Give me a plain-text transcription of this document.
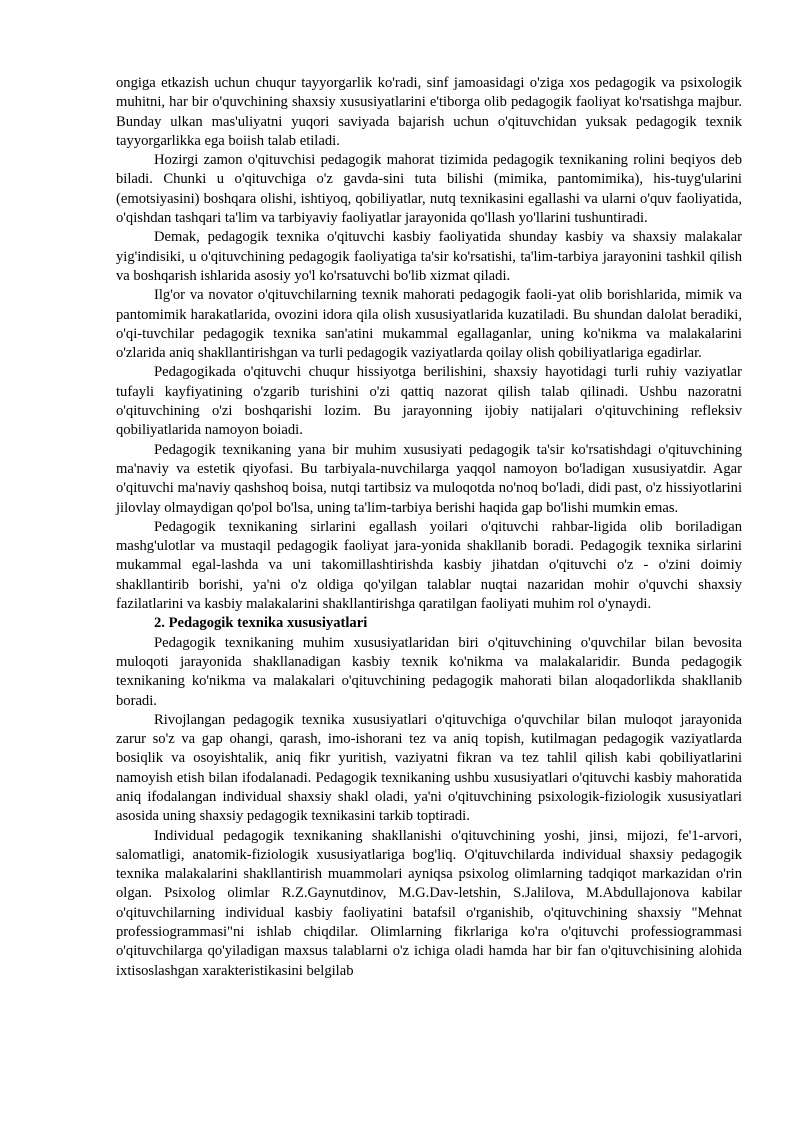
ongiga etkazish uchun chuqur tayyorgarlik ko'radi, sinf jamoasidagi o'ziga xos pedagogik va psixologik muhitni, har bir o'quvchining shaxsiy xususiyatlarini e'tiborga olib pedagogik faoliyat ko'rsatishga majbur. Bunday ulkan mas'uliyatni yuqori saviyada bajarish uchun o'qituvchidan yuksak pedagogik texnik tayyorgarlikka ega boiish talab etiladi.

Hozirgi zamon o'qituvchisi pedagogik mahorat tizimida pedagogik texnikaning rolini beqiyos deb biladi. Chunki u o'qituvchiga o'z gavda-sini tuta bilishi (mimika, pantomimika), his-tuyg'ularini (emotsiyasini) boshqara olishi, ishtiyoq, qobiliyatlar, nutq texnikasini egallashi va ularni o'quv faoliyatida, o'qishdan tashqari ta'lim va tarbiyaviy faoliyatlar jarayonida qo'llash yo'llarini tushuntiradi.

Demak, pedagogik texnika o'qituvchi kasbiy faoliyatida shunday kasbiy va shaxsiy malakalar yig'indisiki, u o'qituvchining pedagogik faoliyatiga ta'sir ko'rsatishi, ta'lim-tarbiya jarayonini tashkil qilish va boshqarish ishlarida asosiy yo'l ko'rsatuvchi bo'lib xizmat qiladi.

Ilg'or va novator o'qituvchilarning texnik mahorati pedagogik faoli-yat olib borishlarida, mimik va pantomimik harakatlarida, ovozini idora qila olish xususiyatlarida kuzatiladi. Bu shundan dalolat beradiki, o'qi-tuvchilar pedagogik texnika san'atini mukammal egallaganlar, uning ko'nikma va malakalarini o'zlarida aniq shakllantirishgan va turli pedagogik vaziyatlarda qoilay olish qobiliyatlariga egadirlar.

Pedagogikada o'qituvchi chuqur hissiyotga berilishini, shaxsiy hayotidagi turli ruhiy vaziyatlar tufayli kayfiyatining o'zgarib turishini o'zi qattiq nazorat qilish talab qilinadi. Ushbu nazoratni o'qituvchining o'zi boshqarishi lozim. Bu jarayonning ijobiy natijalari o'qituvchining refleksiv qobiliyatlarida namoyon boiadi.

Pedagogik texnikaning yana bir muhim xususiyati pedagogik ta'sir ko'rsatishdagi o'qituvchining ma'naviy va estetik qiyofasi. Bu tarbiyala-nuvchilarga yaqqol namoyon bo'ladigan xususiyatdir. Agar o'qituvchi ma'naviy qashshoq boisa, nutqi tartibsiz va muloqotda no'noq bo'ladi, didi past, o'z hissiyotlarini jilovlay olmaydigan qo'pol bo'lsa, uning ta'lim-tarbiya berishi haqida gap bo'lishi mumkin emas.

Pedagogik texnikaning sirlarini egallash yoilari o'qituvchi rahbar-ligida olib boriladigan mashg'ulotlar va mustaqil pedagogik faoliyat jara-yonida shakllanib boradi. Pedagogik texnika sirlarini mukammal egal-lashda va uni takomillashtirishda kasbiy jihatdan o'qituvchi o'z - o'zini doimiy shakllantirib borishi, ya'ni o'z oldiga qo'yilgan talablar nuqtai nazaridan mohir o'quvchi shaxsiy fazilatlarini va kasbiy malakalarini shakllantirishga qaratilgan faoliyati muhim rol o'ynaydi.

2. Pedagogik texnika xususiyatlari

Pedagogik texnikaning muhim xususiyatlaridan biri o'qituvchining o'quvchilar bilan bevosita muloqoti jarayonida shakllanadigan kasbiy texnik ko'nikma va malakalaridir. Bunda pedagogik texnikaning ko'nikma va malakalari o'qituvchining pedagogik mahorati bilan aloqadorlikda shakllanib boradi.

Rivojlangan pedagogik texnika xususiyatlari o'qituvchiga o'quvchilar bilan muloqot jarayonida zarur so'z va gap ohangi, qarash, imo-ishorani tez va aniq topish, kutilmagan pedagogik vaziyatlarda bosiqlik va osoyishtalik, aniq fikr yuritish, vaziyatni fikran va tez tahlil qilish kabi qobiliyatlarini namoyish etish bilan ifodalanadi. Pedagogik texnikaning ushbu xususiyatlari o'qituvchi kasbiy mahoratida aniq ifodalangan individual shaxsiy shakl oladi, ya'ni o'qituvchining psixologik-fiziologik xususiyatlari asosida uning shaxsiy pedagogik texnikasini tarkib toptiradi.

Individual pedagogik texnikaning shakllanishi o'qituvchining yoshi, jinsi, mijozi, fe'1-arvori, salomatligi, anatomik-fiziologik xususiyatlariga bog'liq. O'qituvchilarda individual shaxsiy pedagogik texnika malakalarini shakllantirish muammolari ayniqsa psixolog olimlarning tadqiqot markazidan o'rin olgan. Psixolog olimlar R.Z.Gaynutdinov, M.G.Dav-letshin, S.Jalilova, M.Abdullajonova kabilar o'qituvchilarning individual kasbiy faoliyatini batafsil o'rganishib, o'qituvchining shaxsiy "Mehnat professiogrammasi"ni ishlab chiqdilar. Olimlarning fikrlariga ko'ra o'qituvchi professiogrammasi o'qituvchilarga qo'yiladigan maxsus talablarni o'z ichiga oladi hamda har bir fan o'qituvchisining alohida ixtisoslashgan xarakteristikasini belgilab
